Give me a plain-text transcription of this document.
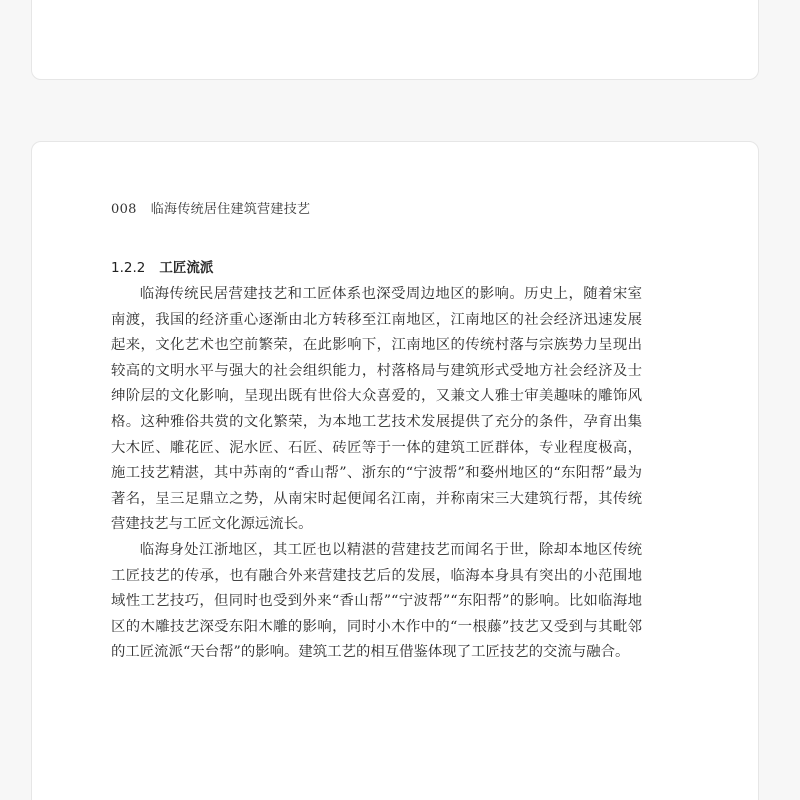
008 临海传统居住建筑营建技艺
1.2.2 工匠流派

临海传统民居营建技艺和工匠体系也深受周边地区的影响。历史上，随着宋室南渡，我国的经济重心逐渐由北方转移至江南地区，江南地区的社会经济迅速发展起来，文化艺术也空前繁荣，在此影响下，江南地区的传统村落与宗族势力呈现出较高的文明水平与强大的社会组织能力，村落格局与建筑形式受地方社会经济及士绅阶层的文化影响，呈现出既有世俗大众喜爱的，又兼文人雅士审美趣味的雕饰风格。这种雅俗共赏的文化繁荣，为本地工艺技术发展提供了充分的条件，孕育出集大木匠、雕花匠、泥水匠、石匠、砖匠等于一体的建筑工匠群体，专业程度极高，施工技艺精湛，其中苏南的“香山帮”、浙东的“宁波帮”和婺州地区的“东阳帮”最为著名，呈三足鼎立之势，从南宋时起便闻名江南，并称南宋三大建筑行帮，其传统营建技艺与工匠文化源远流长。

临海身处江浙地区，其工匠也以精湛的营建技艺而闻名于世，除却本地区传统工匠技艺的传承，也有融合外来营建技艺后的发展，临海本身具有突出的小范围地域性工艺技巧，但同时也受到外来“香山帮”“宁波帮”“东阳帮”的影响。比如临海地区的木雕技艺深受东阳木雕的影响，同时小木作中的“一根藤”技艺又受到与其毗邻的工匠流派“天台帮”的影响。建筑工艺的相互借鉴体现了工匠技艺的交流与融合。
